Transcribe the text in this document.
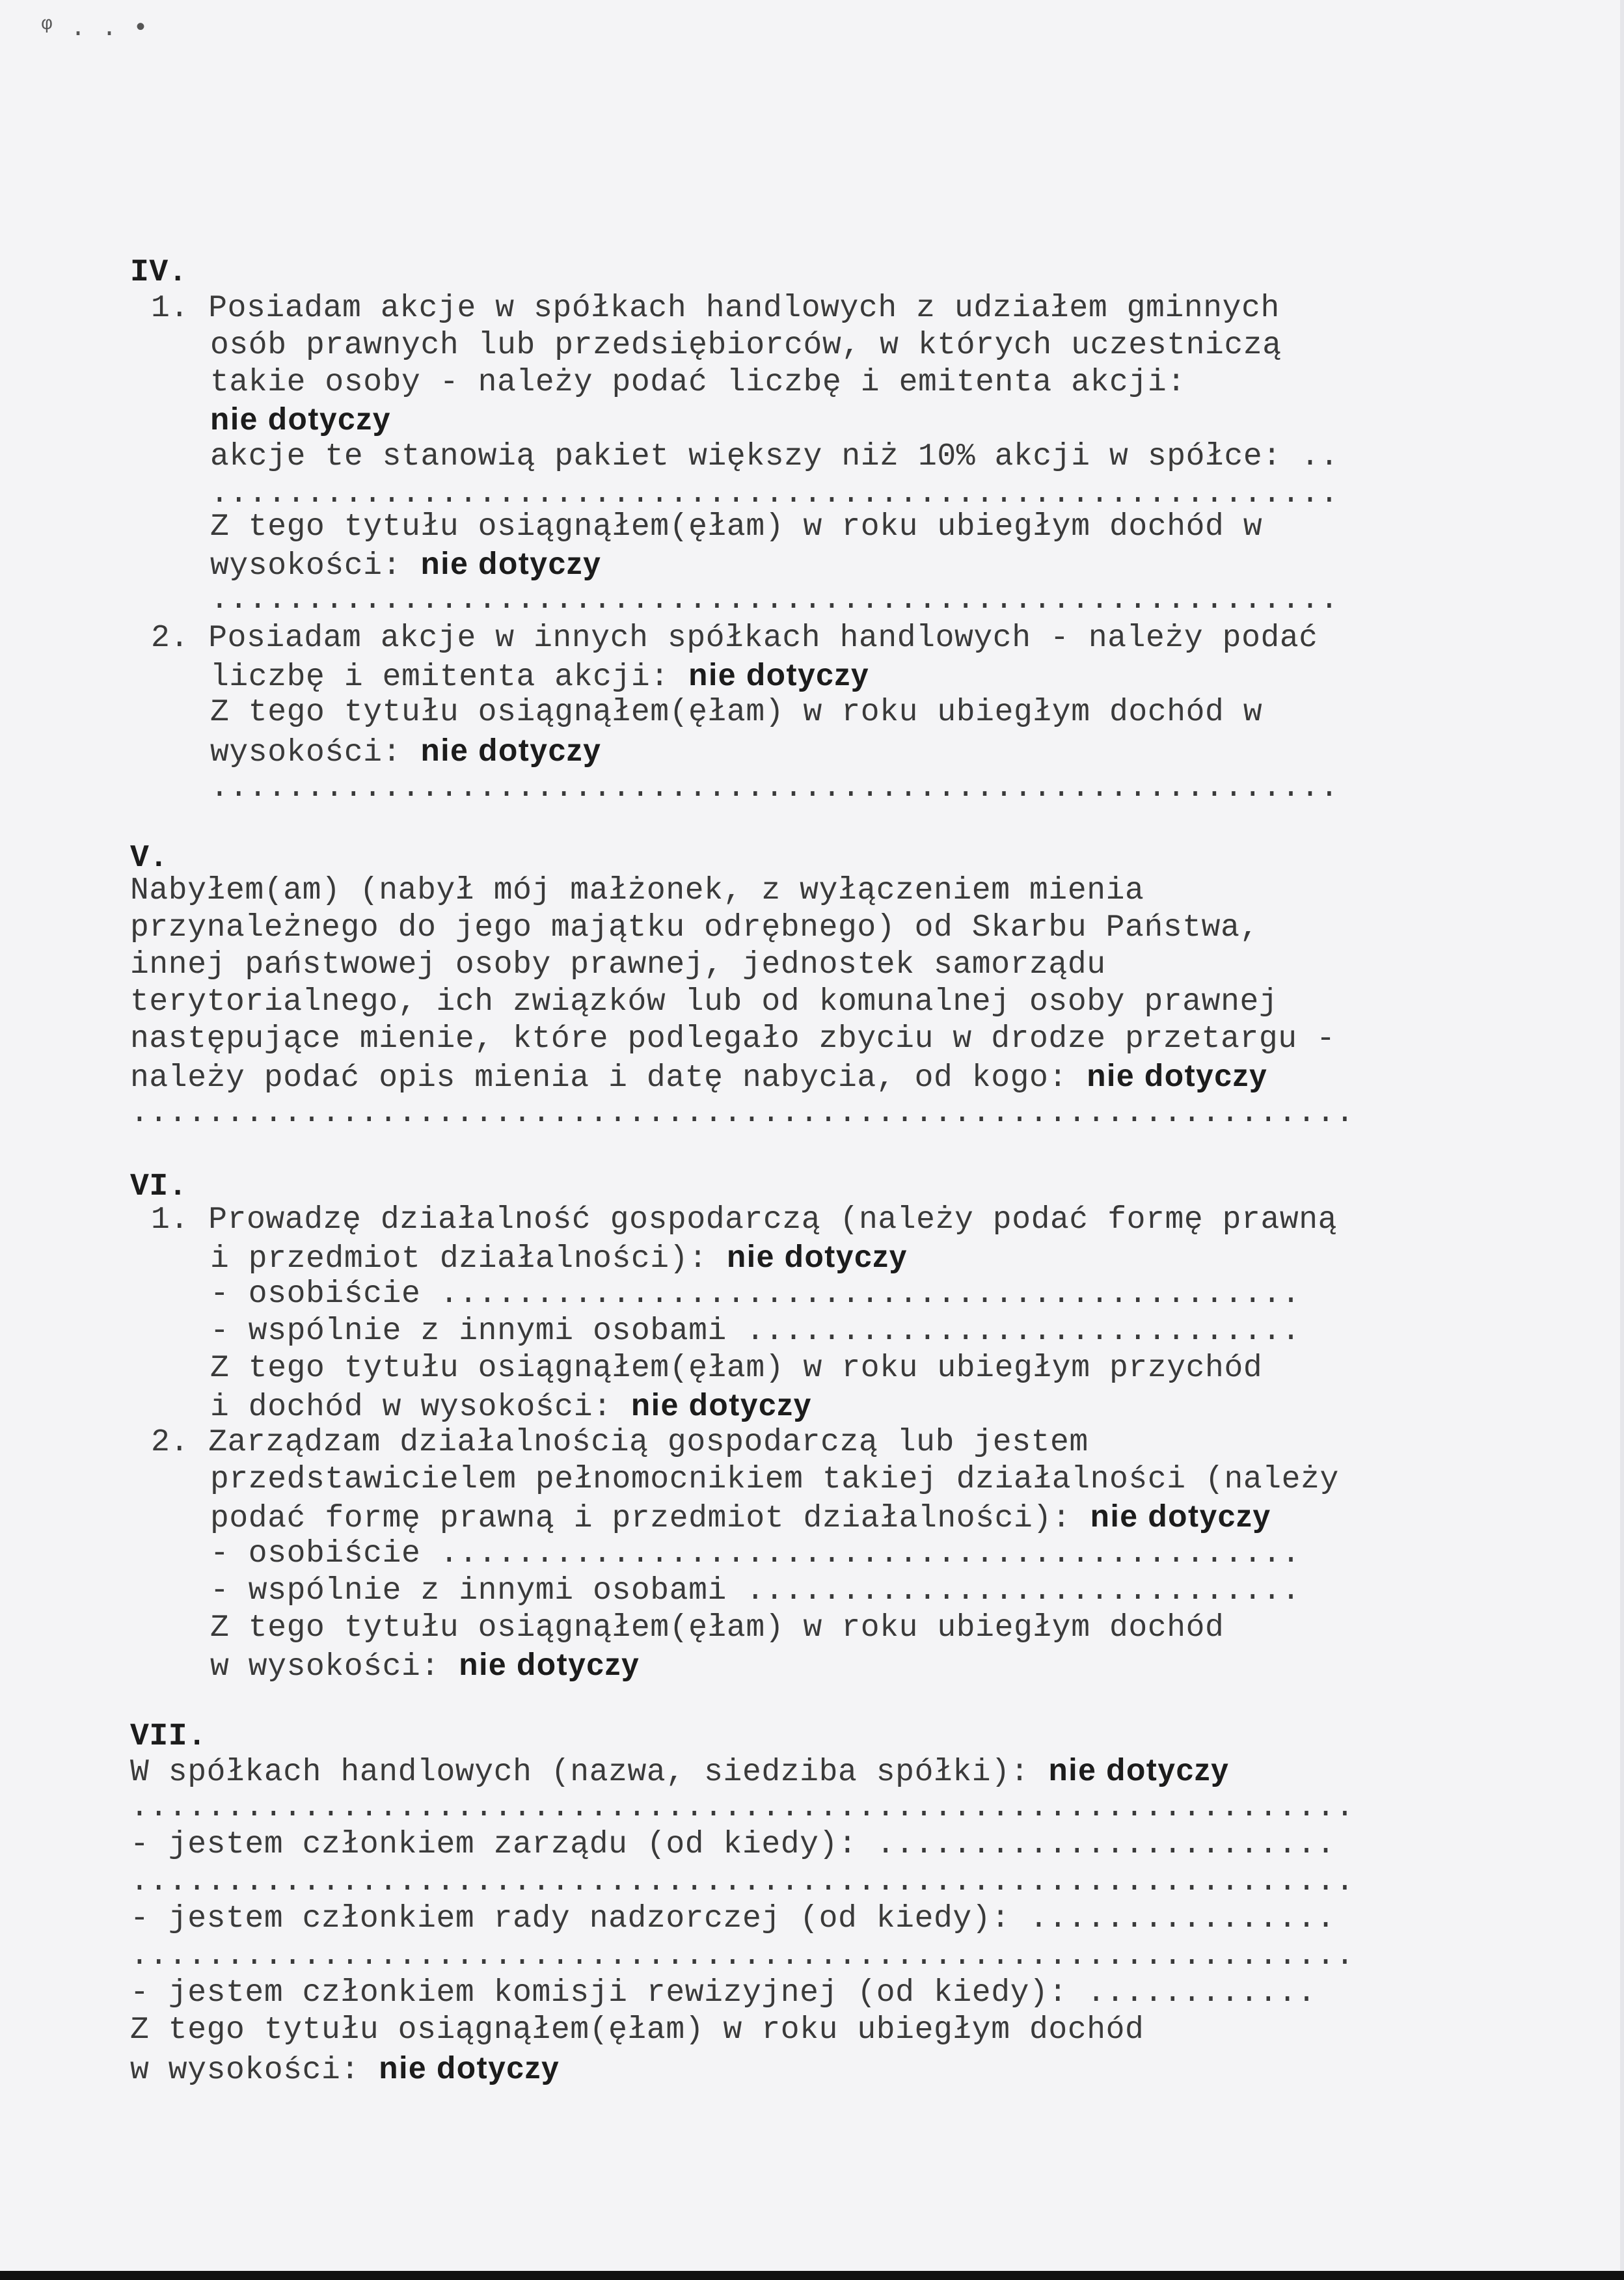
ᵠ . . •
IV.
1. Posiadam akcje w spółkach handlowych z udziałem gminnych
osób prawnych lub przedsiębiorców, w których uczestniczą
takie osoby - należy podać liczbę i emitenta akcji:
nie dotyczy
akcje te stanowią pakiet większy niż 10% akcji w spółce: ..
...........................................................
Z tego tytułu osiągnąłem(ęłam) w roku ubiegłym dochód w
wysokości: nie dotyczy
...........................................................
2. Posiadam akcje w innych spółkach handlowych - należy podać
liczbę i emitenta akcji: nie dotyczy
Z tego tytułu osiągnąłem(ęłam) w roku ubiegłym dochód w
wysokości: nie dotyczy
...........................................................
V.
Nabyłem(am) (nabył mój małżonek, z wyłączeniem mienia
przynależnego do jego majątku odrębnego) od Skarbu Państwa,
innej państwowej osoby prawnej, jednostek samorządu
terytorialnego, ich związków lub od komunalnej osoby prawnej
następujące mienie, które podlegało zbyciu w drodze przetargu -
należy podać opis mienia i datę nabycia, od kogo: nie dotyczy
................................................................
VI.
1. Prowadzę działalność gospodarczą (należy podać formę prawną
i przedmiot działalności): nie dotyczy
- osobiście .............................................
- wspólnie z innymi osobami .............................
Z tego tytułu osiągnąłem(ęłam) w roku ubiegłym przychód
i dochód w wysokości: nie dotyczy
2. Zarządzam działalnością gospodarczą lub jestem
przedstawicielem pełnomocnikiem takiej działalności (należy
podać formę prawną i przedmiot działalności): nie dotyczy
- osobiście .............................................
- wspólnie z innymi osobami .............................
Z tego tytułu osiągnąłem(ęłam) w roku ubiegłym dochód
w wysokości: nie dotyczy
VII.
W spółkach handlowych (nazwa, siedziba spółki): nie dotyczy
................................................................
- jestem członkiem zarządu (od kiedy): ........................
................................................................
- jestem członkiem rady nadzorczej (od kiedy): ................
................................................................
- jestem członkiem komisji rewizyjnej (od kiedy): ............
Z tego tytułu osiągnąłem(ęłam) w roku ubiegłym dochód
w wysokości: nie dotyczy
